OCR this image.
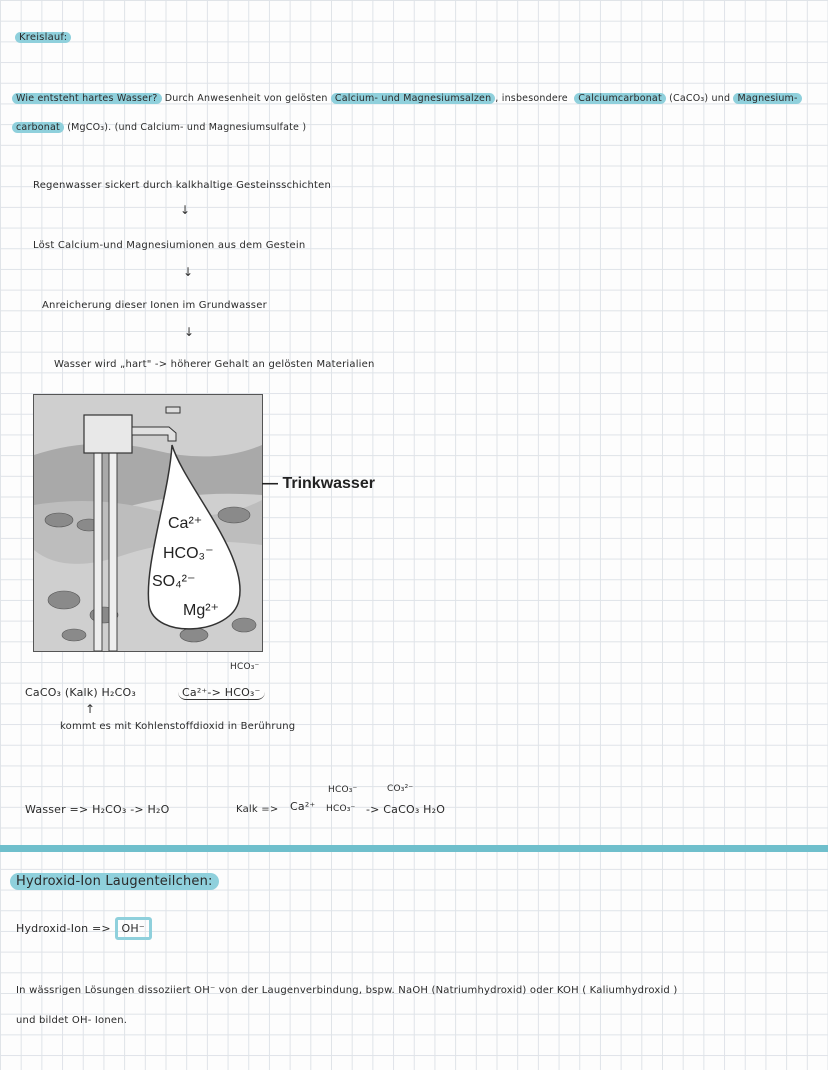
Kreislauf:
Wie entsteht hartes Wasser? Durch Anwesenheit von gelösten Calcium- und Magnesiumsalzen , insbesondere Calciumcarbonat (CaCO₃) und Magnesium-
carbonat (MgCO₃). (und Calcium- und Magnesiumsulfate )
Regenwasser sickert durch kalkhaltige Gesteinsschichten
↓
Löst Calcium-und Magnesiumionen aus dem Gestein
↓
Anreicherung dieser Ionen im Grundwasser
↓
Wasser wird „hart" -> höherer Gehalt an gelösten Materialien
— Trinkwasser
Ca²⁺
HCO₃⁻
SO₄²⁻
Mg²⁺
HCO₃⁻
CaCO₃ (Kalk) H₂CO₃	Ca²⁺-> HCO₃⁻
↑
kommt es mit Kohlenstoffdioxid in Berührung
Wasser => H₂CO₃ -> H₂O	Kalk => Ca²⁺
HCO₃⁻
HCO₃⁻
CO₃²⁻
-> CaCO₃ H₂O
Hydroxid-Ion Laugenteilchen:
Hydroxid-Ion => OH⁻
In wässrigen Lösungen dissoziiert OH⁻ von der Laugenverbindung, bspw. NaOH (Natriumhydroxid) oder KOH ( Kaliumhydroxid )
und bildet OH- Ionen.
